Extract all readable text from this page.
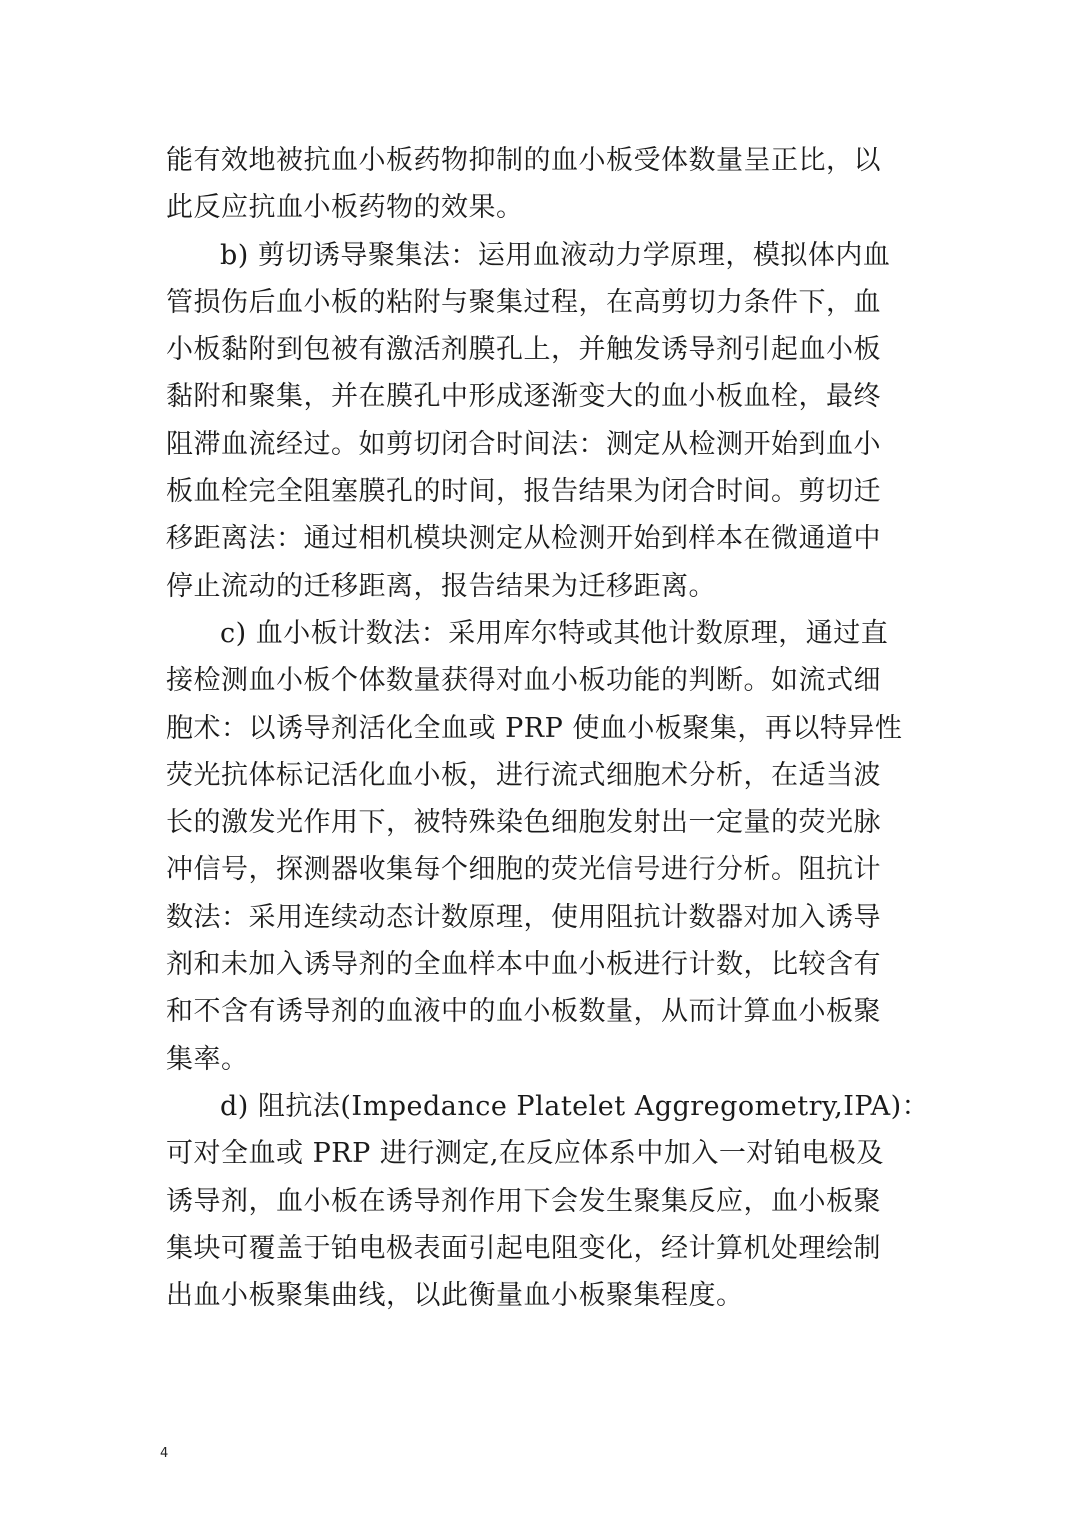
能有效地被抗血小板药物抑制的血小板受体数量呈正比，以
此反应抗血小板药物的效果。
b) 剪切诱导聚集法：运用血液动力学原理，模拟体内血
管损伤后血小板的粘附与聚集过程，在高剪切力条件下，血
小板黏附到包被有激活剂膜孔上，并触发诱导剂引起血小板
黏附和聚集，并在膜孔中形成逐渐变大的血小板血栓，最终
阻滞血流经过。如剪切闭合时间法：测定从检测开始到血小
板血栓完全阻塞膜孔的时间，报告结果为闭合时间。剪切迁
移距离法：通过相机模块测定从检测开始到样本在微通道中
停止流动的迁移距离，报告结果为迁移距离。
c) 血小板计数法：采用库尔特或其他计数原理，通过直
接检测血小板个体数量获得对血小板功能的判断。如流式细
胞术：以诱导剂活化全血或 PRP 使血小板聚集，再以特异性
荧光抗体标记活化血小板，进行流式细胞术分析，在适当波
长的激发光作用下，被特殊染色细胞发射出一定量的荧光脉
冲信号，探测器收集每个细胞的荧光信号进行分析。阻抗计
数法：采用连续动态计数原理，使用阻抗计数器对加入诱导
剂和未加入诱导剂的全血样本中血小板进行计数，比较含有
和不含有诱导剂的血液中的血小板数量，从而计算血小板聚
集率。
d) 阻抗法(Impedance Platelet Aggregometry,IPA)：
可对全血或 PRP 进行测定,在反应体系中加入一对铂电极及
诱导剂，血小板在诱导剂作用下会发生聚集反应，血小板聚
集块可覆盖于铂电极表面引起电阻变化，经计算机处理绘制
出血小板聚集曲线，以此衡量血小板聚集程度。
4
